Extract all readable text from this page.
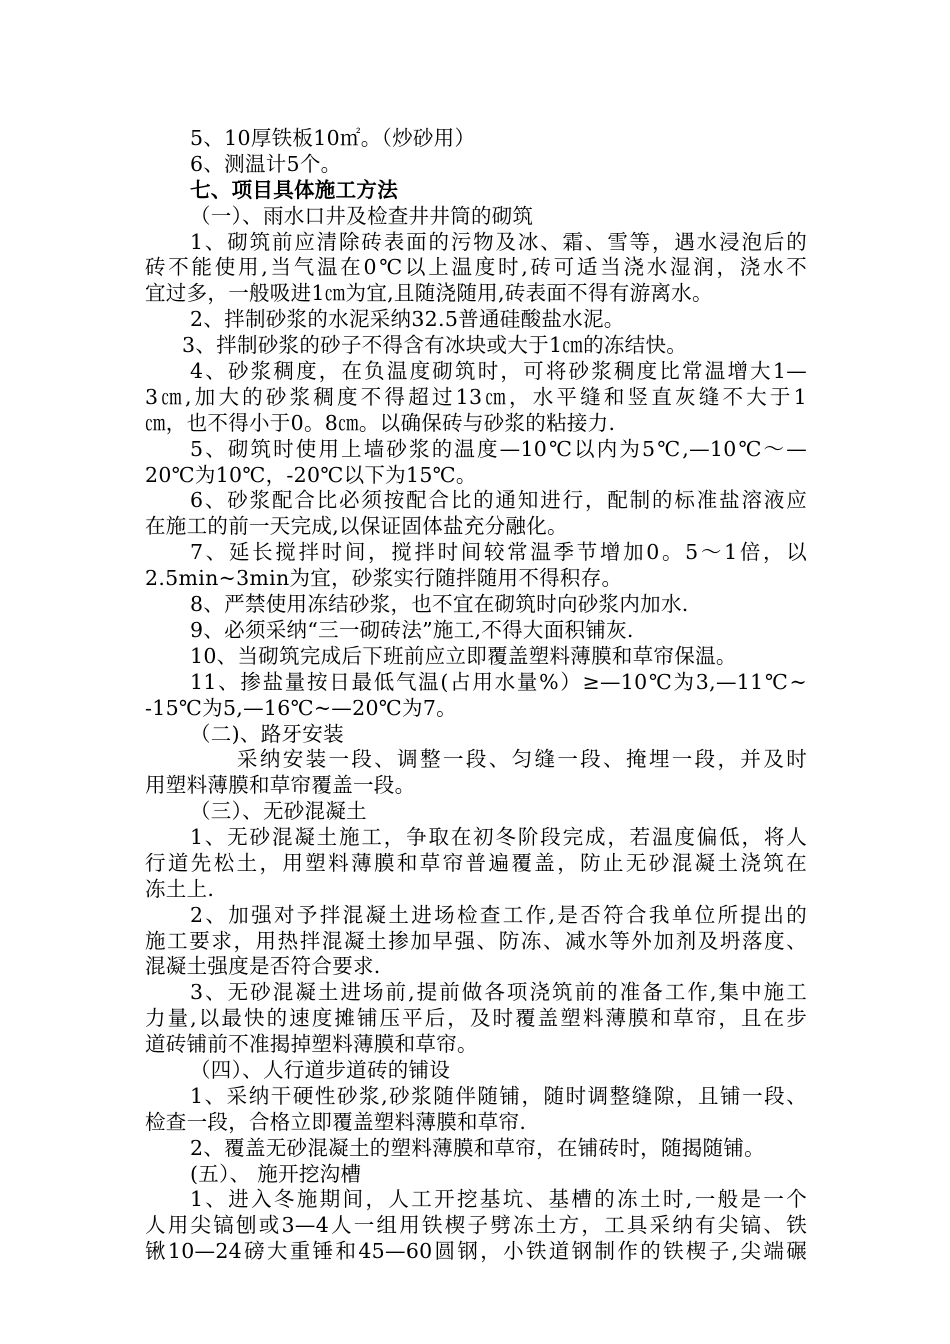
5、10厚铁板10㎡。（炒砂用）
6、测温计5个。
七、项目具体施工方法
（一）、雨水口井及检查井井筒的砌筑
1、砌筑前应清除砖表面的污物及冰、霜、雪等，遇水浸泡后的
砖不能使用,当气温在0℃以上温度时,砖可适当浇水湿润，浇水不
宜过多，一般吸进1㎝为宜,且随浇随用,砖表面不得有游离水。
2、拌制砂浆的水泥采纳32.5普通硅酸盐水泥。
3、拌制砂浆的砂子不得含有冰块或大于1㎝的冻结快。
4、砂浆稠度，在负温度砌筑时，可将砂浆稠度比常温增大1—
3㎝,加大的砂浆稠度不得超过13㎝，水平缝和竖直灰缝不大于1
㎝，也不得小于0。8㎝。以确保砖与砂浆的粘接力.
5、砌筑时使用上墙砂浆的温度—10℃以内为5℃,—10℃～—
20℃为10℃，-20℃以下为15℃。
6、砂浆配合比必须按配合比的通知进行，配制的标准盐溶液应
在施工的前一天完成,以保证固体盐充分融化。
7、延长搅拌时间，搅拌时间较常温季节增加0。5～1倍，以
2.5min~3min为宜，砂浆实行随拌随用不得积存。
8、严禁使用冻结砂浆，也不宜在砌筑时向砂浆内加水.
9、必须采纳“三一砌砖法”施工,不得大面积铺灰.
10、当砌筑完成后下班前应立即覆盖塑料薄膜和草帘保温。
11、掺盐量按日最低气温(占用水量%）≥—10℃为3,—11℃~
-15℃为5,—16℃~—20℃为7。
（二)、路牙安装
采纳安装一段、调整一段、匀缝一段、掩埋一段，并及时
用塑料薄膜和草帘覆盖一段。
（三）、无砂混凝土
1、无砂混凝土施工，争取在初冬阶段完成，若温度偏低，将人
行道先松土，用塑料薄膜和草帘普遍覆盖，防止无砂混凝土浇筑在
冻土上.
2、加强对予拌混凝土进场检查工作,是否符合我单位所提出的
施工要求，用热拌混凝土掺加早强、防冻、减水等外加剂及坍落度、
混凝土强度是否符合要求.
3、无砂混凝土进场前,提前做各项浇筑前的准备工作,集中施工
力量,以最快的速度摊铺压平后，及时覆盖塑料薄膜和草帘，且在步
道砖铺前不准揭掉塑料薄膜和草帘。
（四）、人行道步道砖的铺设
1、采纳干硬性砂浆,砂浆随伴随铺，随时调整缝隙，且铺一段、
检查一段，合格立即覆盖塑料薄膜和草帘.
2、覆盖无砂混凝土的塑料薄膜和草帘，在铺砖时，随揭随铺。
(五）、 施开挖沟槽
1、进入冬施期间，人工开挖基坑、基槽的冻土时,一般是一个
人用尖镐刨或3—4人一组用铁楔子劈冻土方，工具采纳有尖镐、铁
锹10—24磅大重锤和45—60圆钢，小铁道钢制作的铁楔子,尖端碾
